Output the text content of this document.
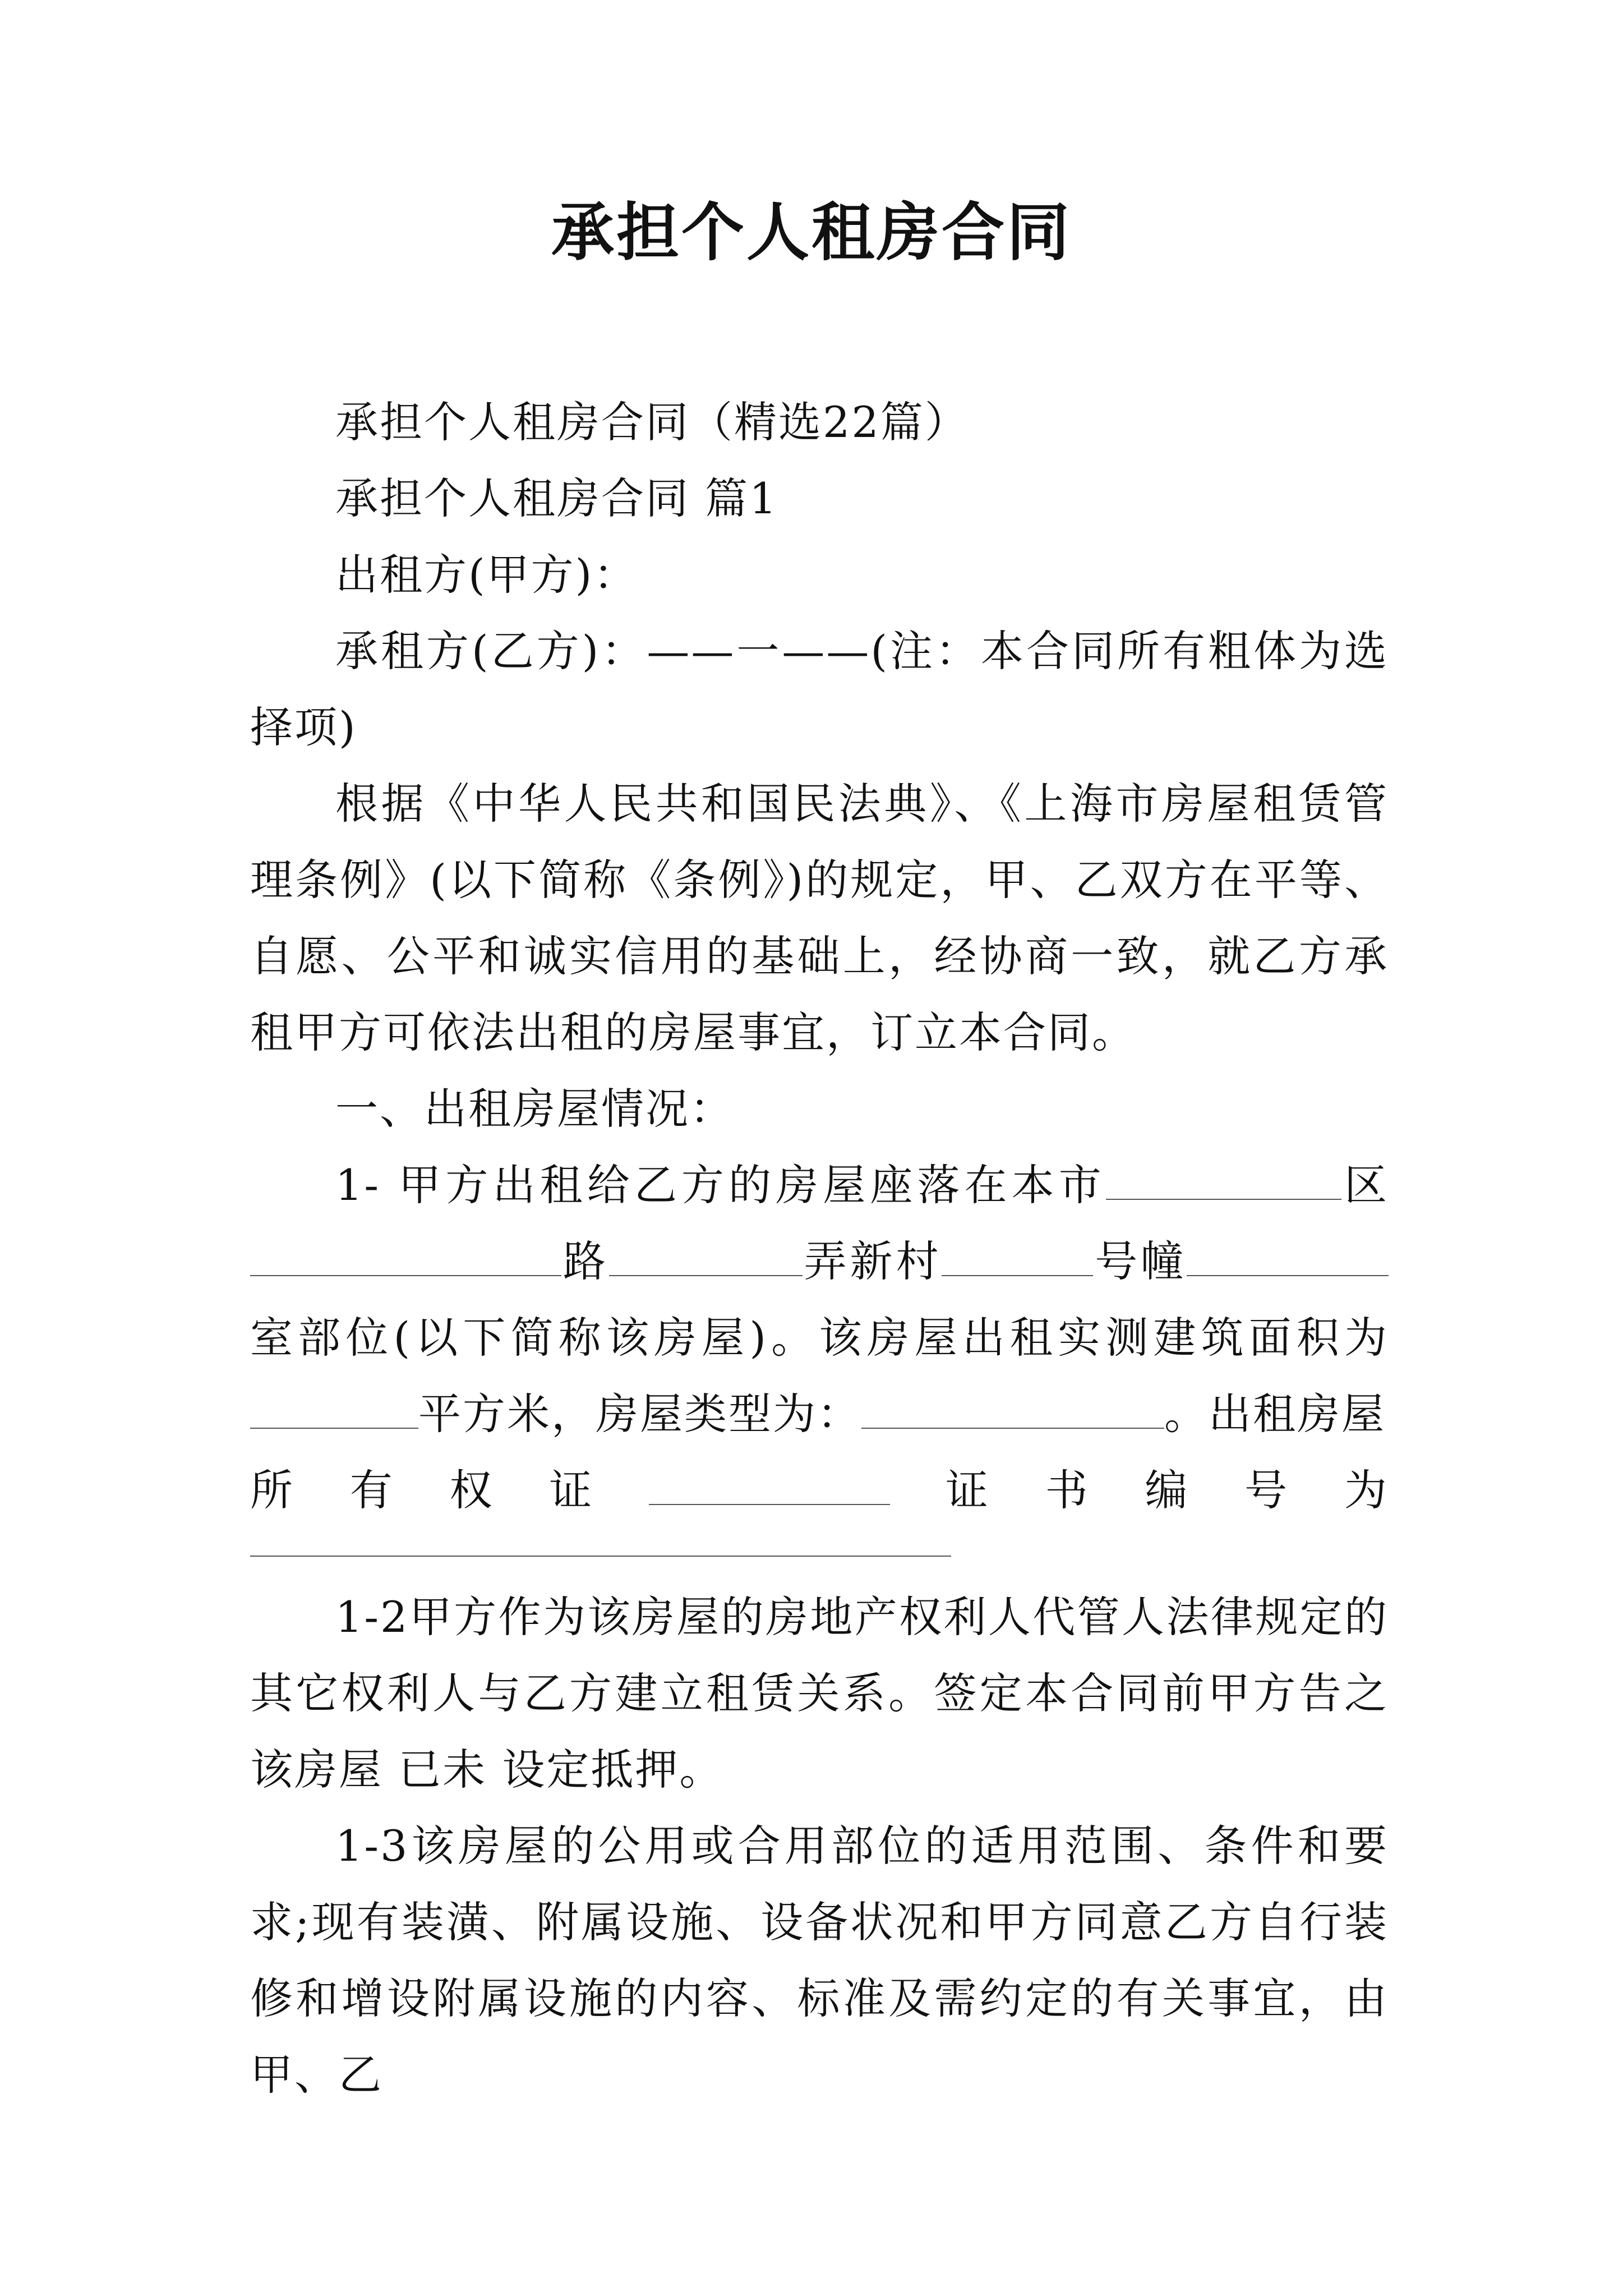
承担个人租房合同

承担个人租房合同（精选22篇）

承担个人租房合同 篇1

出租方(甲方)：

承租方(乙方)：——一——(注：本合同所有粗体为选择项)

根据《中华人民共和国民法典》、《上海市房屋租赁管理条例》(以下简称《条例》)的规定，甲、乙双方在平等、自愿、公平和诚实信用的基础上，经协商一致，就乙方承租甲方可依法出租的房屋事宜，订立本合同。

一、出租房屋情况：

1- 甲方出租给乙方的房屋座落在本市	区路	弄新村	号幢室部位(以下简称该房屋)。该房屋出租实测建筑面积为平方米，房屋类型为：	。出租房屋

所 有 权 证	证 书 编 号 为

1-2甲方作为该房屋的房地产权利人代管人法律规定的其它权利人与乙方建立租赁关系。签定本合同前甲方告之该房屋 已未 设定抵押。

1-3该房屋的公用或合用部位的适用范围、条件和要求;现有装潢、附属设施、设备状况和甲方同意乙方自行装修和增设附属设施的内容、标准及需约定的有关事宜，由甲、乙
